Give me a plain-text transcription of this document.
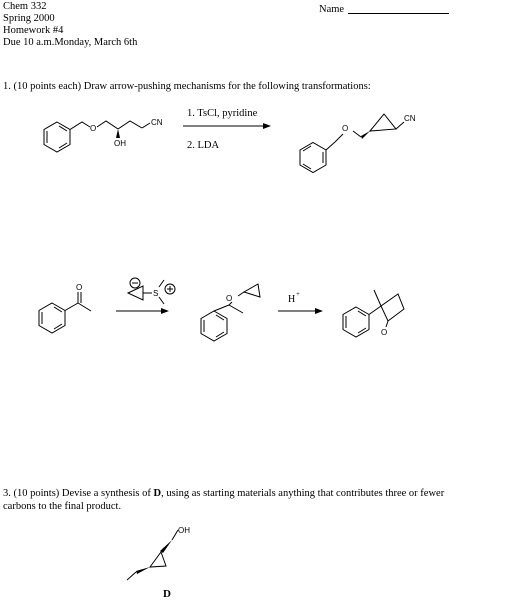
Chem 332
Spring 2000
Homework #4
Due 10 a.m.Monday, March 6th
Name
1. (10 points each) Draw arrow-pushing mechanisms for the following transformations:
3. (10 points) Devise a synthesis of D, using as starting materials anything that contributes three or fewer
carbons to the final product.
1. TsCl, pyridine
2. LDA
O
OH
CN	CN
O
O
S
O	H +
O
OH
D
